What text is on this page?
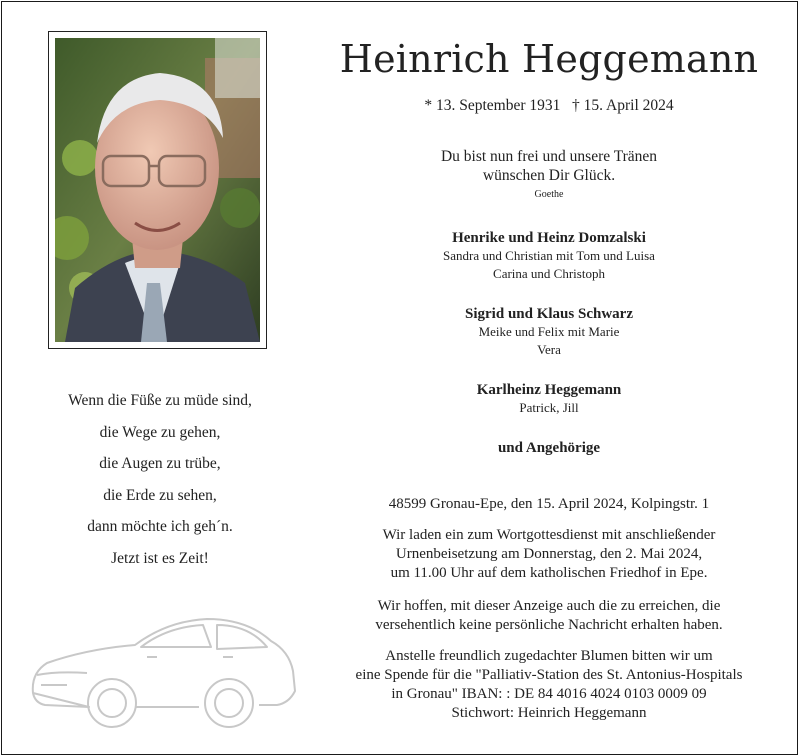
Wenn die Füße zu müde sind,
die Wege zu gehen,
die Augen zu trübe,
die Erde zu sehen,
dann möchte ich geh´n.
Jetzt ist es Zeit!
Heinrich Heggemann
* 13. September 1931 † 15. April 2024
Du bist nun frei und unsere Tränen
wünschen Dir Glück.
Goethe
Henrike und Heinz Domzalski
Sandra und Christian mit Tom und Luisa
Carina und Christoph
Sigrid und Klaus Schwarz
Meike und Felix mit Marie
Vera
Karlheinz Heggemann
Patrick, Jill
und Angehörige
48599 Gronau-Epe, den 15. April 2024, Kolpingstr. 1
Wir laden ein zum Wortgottesdienst mit anschließender
Urnenbeisetzung am Donnerstag, den 2. Mai 2024,
um 11.00 Uhr auf dem katholischen Friedhof in Epe.
Wir hoffen, mit dieser Anzeige auch die zu erreichen, die
versehentlich keine persönliche Nachricht erhalten haben.
Anstelle freundlich zugedachter Blumen bitten wir um
eine Spende für die "Palliativ-Station des St. Antonius-Hospitals
in Gronau" IBAN: : DE 84 4016 4024 0103 0009 09
Stichwort: Heinrich Heggemann
